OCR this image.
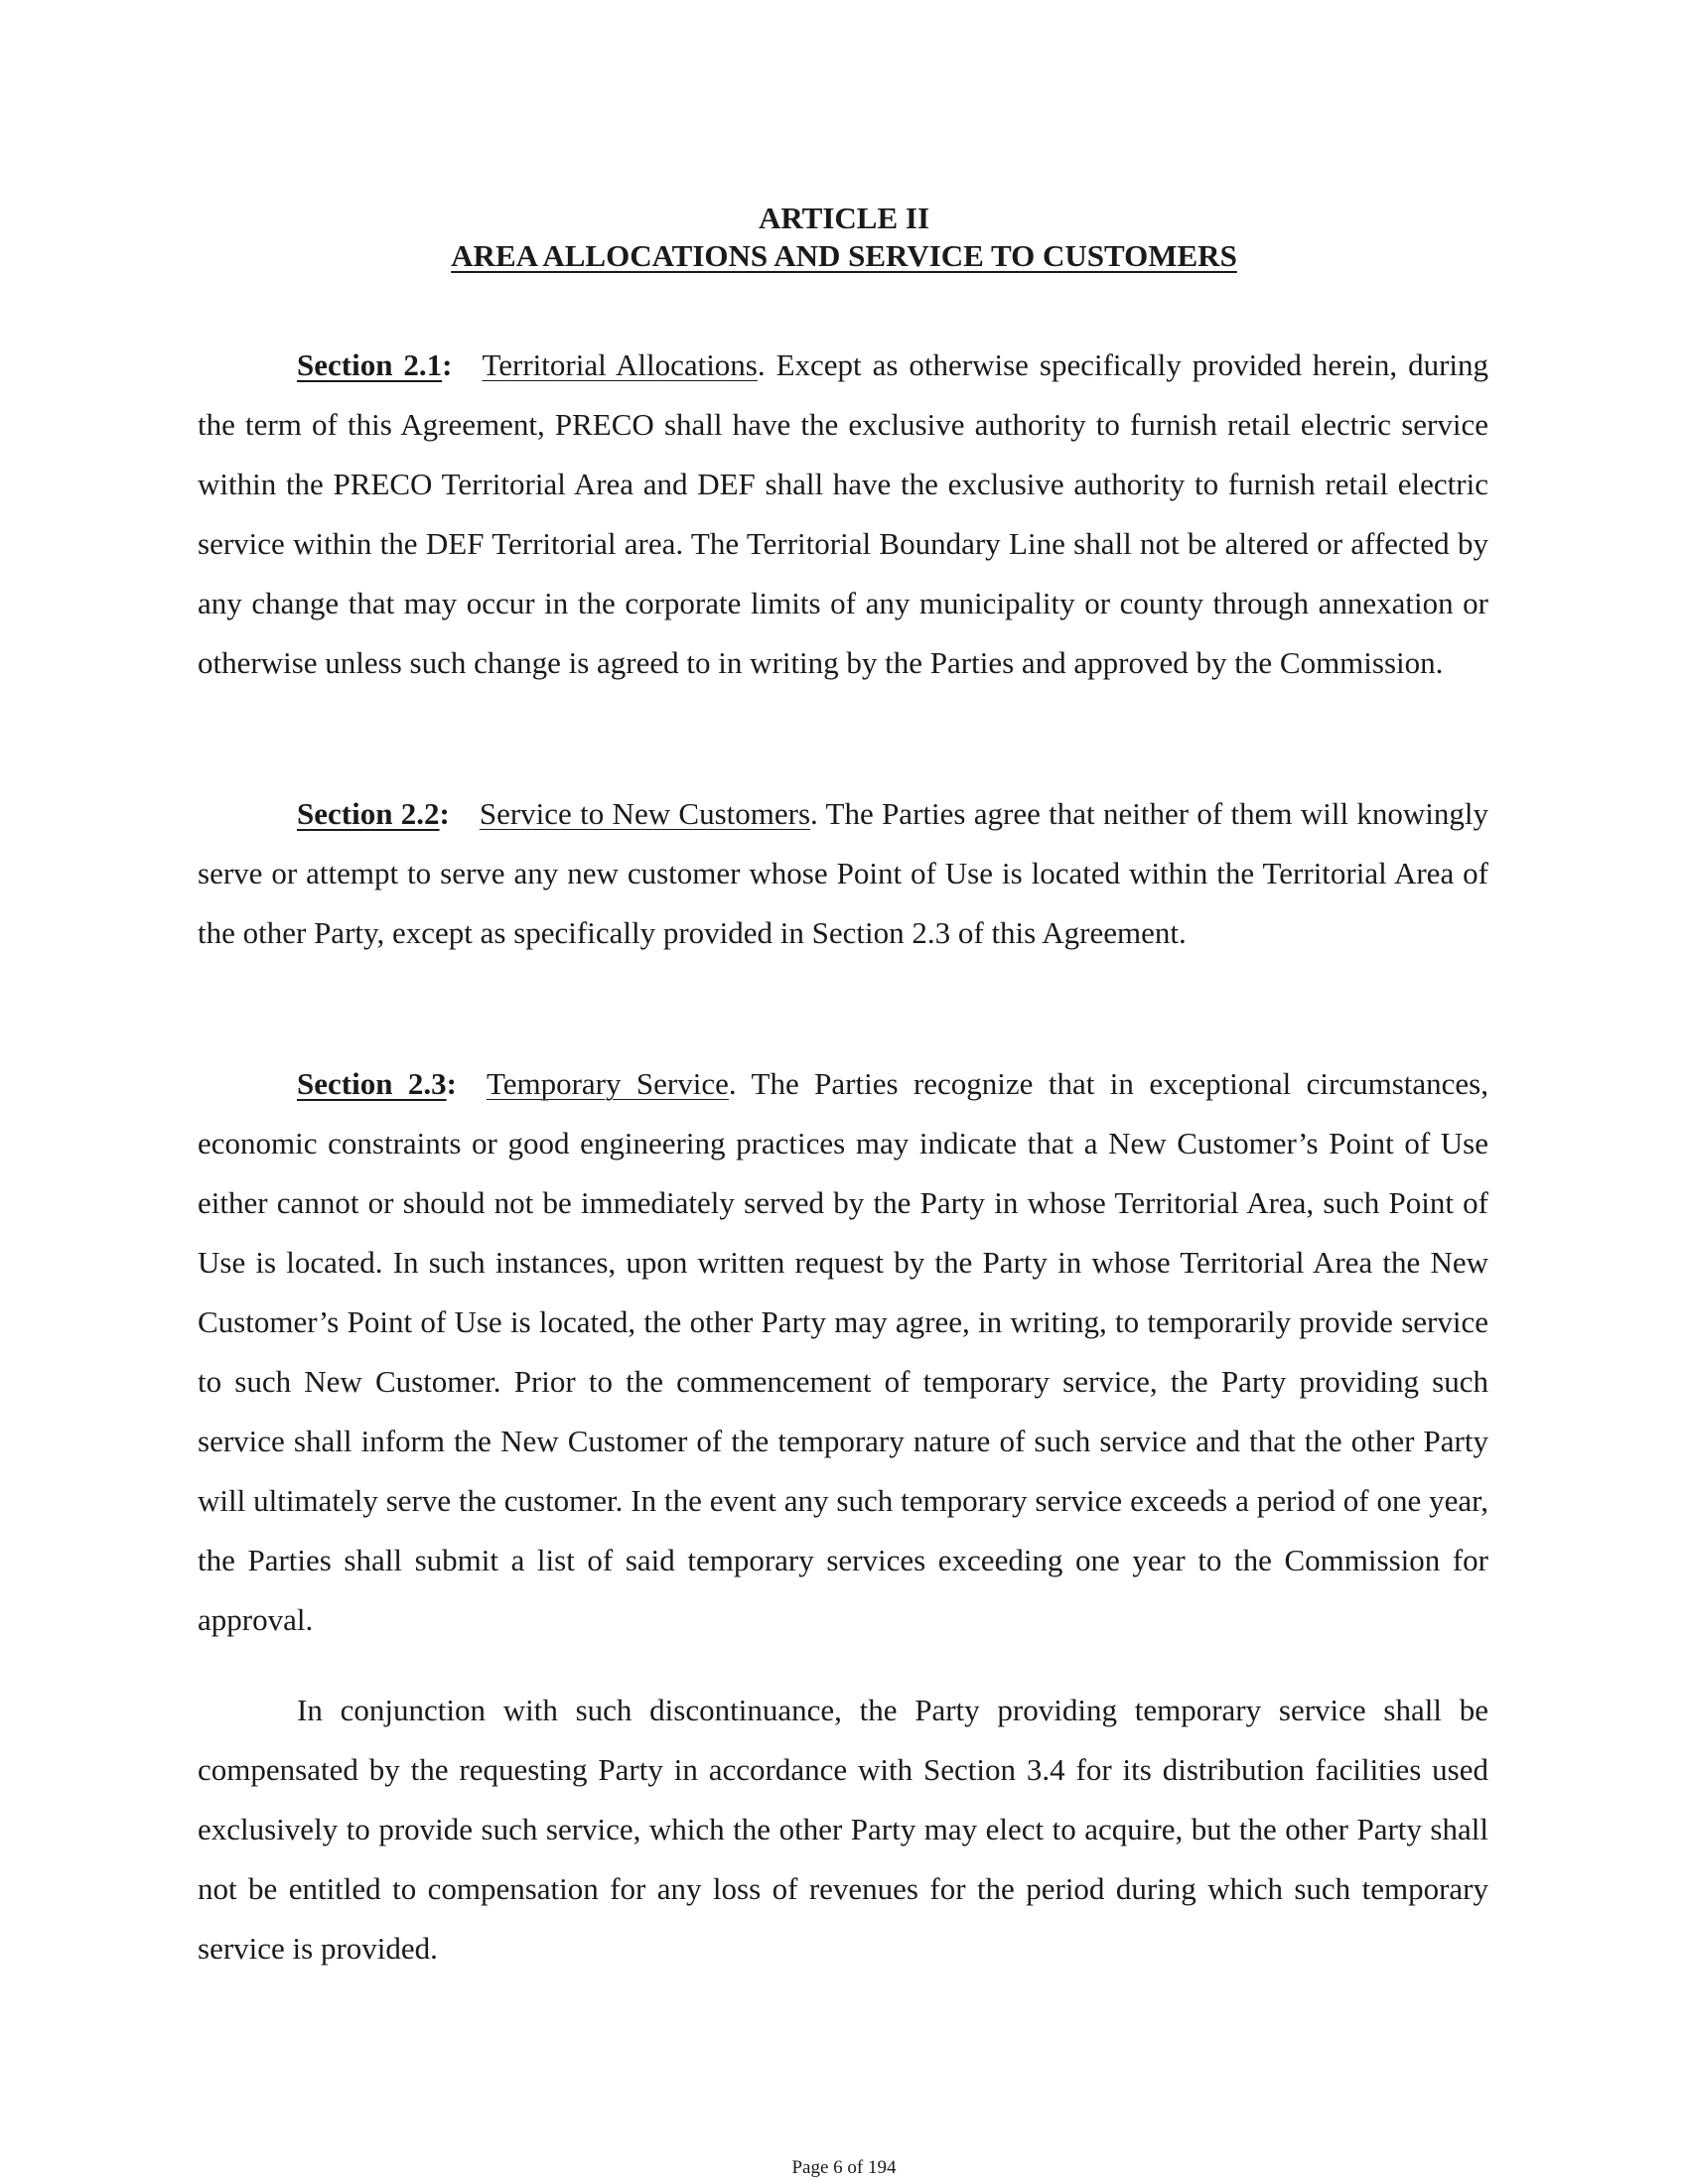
ARTICLE II
AREA ALLOCATIONS AND SERVICE TO CUSTOMERS

Section 2.1: Territorial Allocations. Except as otherwise specifically provided herein, during the term of this Agreement, PRECO shall have the exclusive authority to furnish retail electric service within the PRECO Territorial Area and DEF shall have the exclusive authority to furnish retail electric service within the DEF Territorial area. The Territorial Boundary Line shall not be altered or affected by any change that may occur in the corporate limits of any municipality or county through annexation or otherwise unless such change is agreed to in writing by the Parties and approved by the Commission.

Section 2.2: Service to New Customers. The Parties agree that neither of them will knowingly serve or attempt to serve any new customer whose Point of Use is located within the Territorial Area of the other Party, except as specifically provided in Section 2.3 of this Agreement.

Section 2.3: Temporary Service. The Parties recognize that in exceptional circumstances, economic constraints or good engineering practices may indicate that a New Customer’s Point of Use either cannot or should not be immediately served by the Party in whose Territorial Area, such Point of Use is located. In such instances, upon written request by the Party in whose Territorial Area the New Customer’s Point of Use is located, the other Party may agree, in writing, to temporarily provide service to such New Customer. Prior to the commencement of temporary service, the Party providing such service shall inform the New Customer of the temporary nature of such service and that the other Party will ultimately serve the customer. In the event any such temporary service exceeds a period of one year, the Parties shall submit a list of said temporary services exceeding one year to the Commission for approval.

In conjunction with such discontinuance, the Party providing temporary service shall be compensated by the requesting Party in accordance with Section 3.4 for its distribution facilities used exclusively to provide such service, which the other Party may elect to acquire, but the other Party shall not be entitled to compensation for any loss of revenues for the period during which such temporary service is provided.

Page 6 of 194
